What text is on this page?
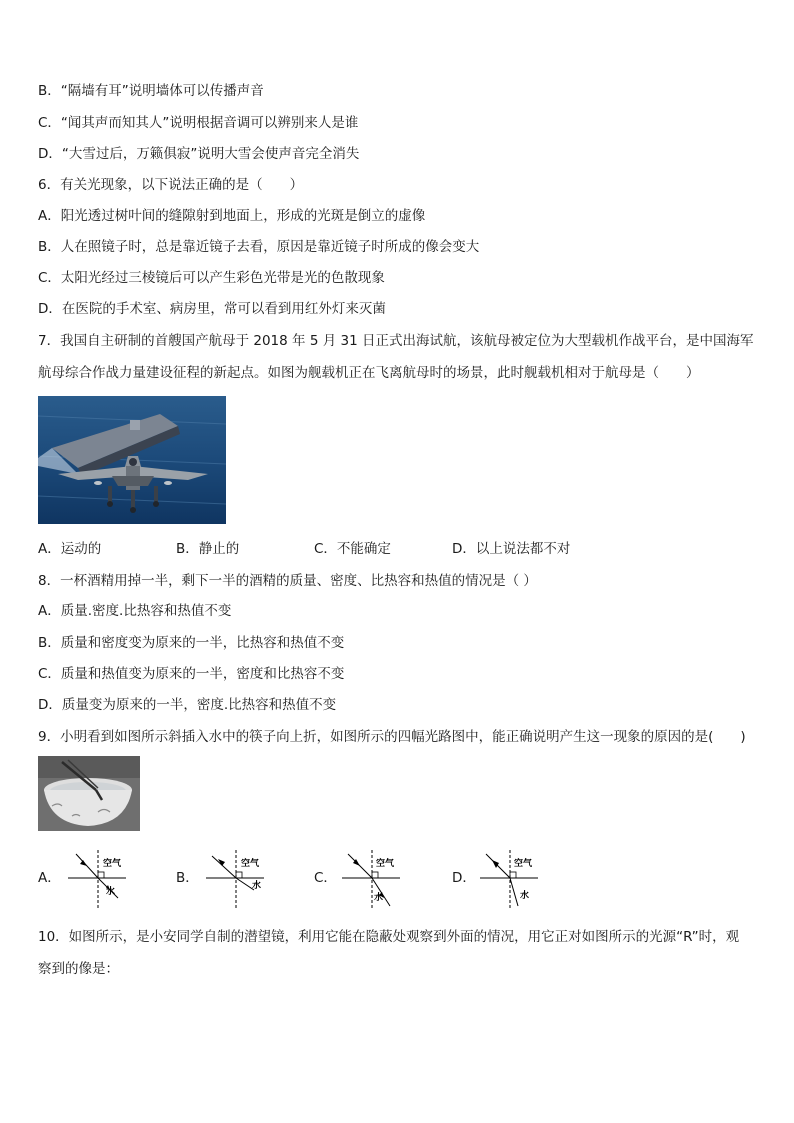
B．“隔墙有耳”说明墙体可以传播声音
C．“闻其声而知其人”说明根据音调可以辨别来人是谁
D．“大雪过后，万籁俱寂”说明大雪会使声音完全消失
6．有关光现象，以下说法正确的是（　　）
A．阳光透过树叶间的缝隙射到地面上，形成的光斑是倒立的虚像
B．人在照镜子时，总是靠近镜子去看，原因是靠近镜子时所成的像会变大
C．太阳光经过三棱镜后可以产生彩色光带是光的色散现象
D．在医院的手术室、病房里，常可以看到用红外灯来灭菌
7．我国自主研制的首艘国产航母于 2018 年 5 月 31 日正式出海试航，该航母被定位为大型载机作战平台，是中国海军
航母综合作战力量建设征程的新起点。如图为舰载机正在飞离航母时的场景，此时舰载机相对于航母是（　　）
A．运动的	B．静止的	C．不能确定	D．以上说法都不对
8．一杯酒精用掉一半，剩下一半的酒精的质量、密度、比热容和热值的情况是（ ）
A．质量.密度.比热容和热值不变
B．质量和密度变为原来的一半，比热容和热值不变
C．质量和热值变为原来的一半，密度和比热容不变
D．质量变为原来的一半，密度.比热容和热值不变
9．小明看到如图所示斜插入水中的筷子向上折，如图所示的四幅光路图中，能正确说明产生这一现象的原因的是(　　)
A．	B．	C．	D．
空气
水
空气
水
空气
水
空气
水
10．如图所示，是小安同学自制的潜望镜，利用它能在隐蔽处观察到外面的情况，用它正对如图所示的光源“R”时，观
察到的像是：
